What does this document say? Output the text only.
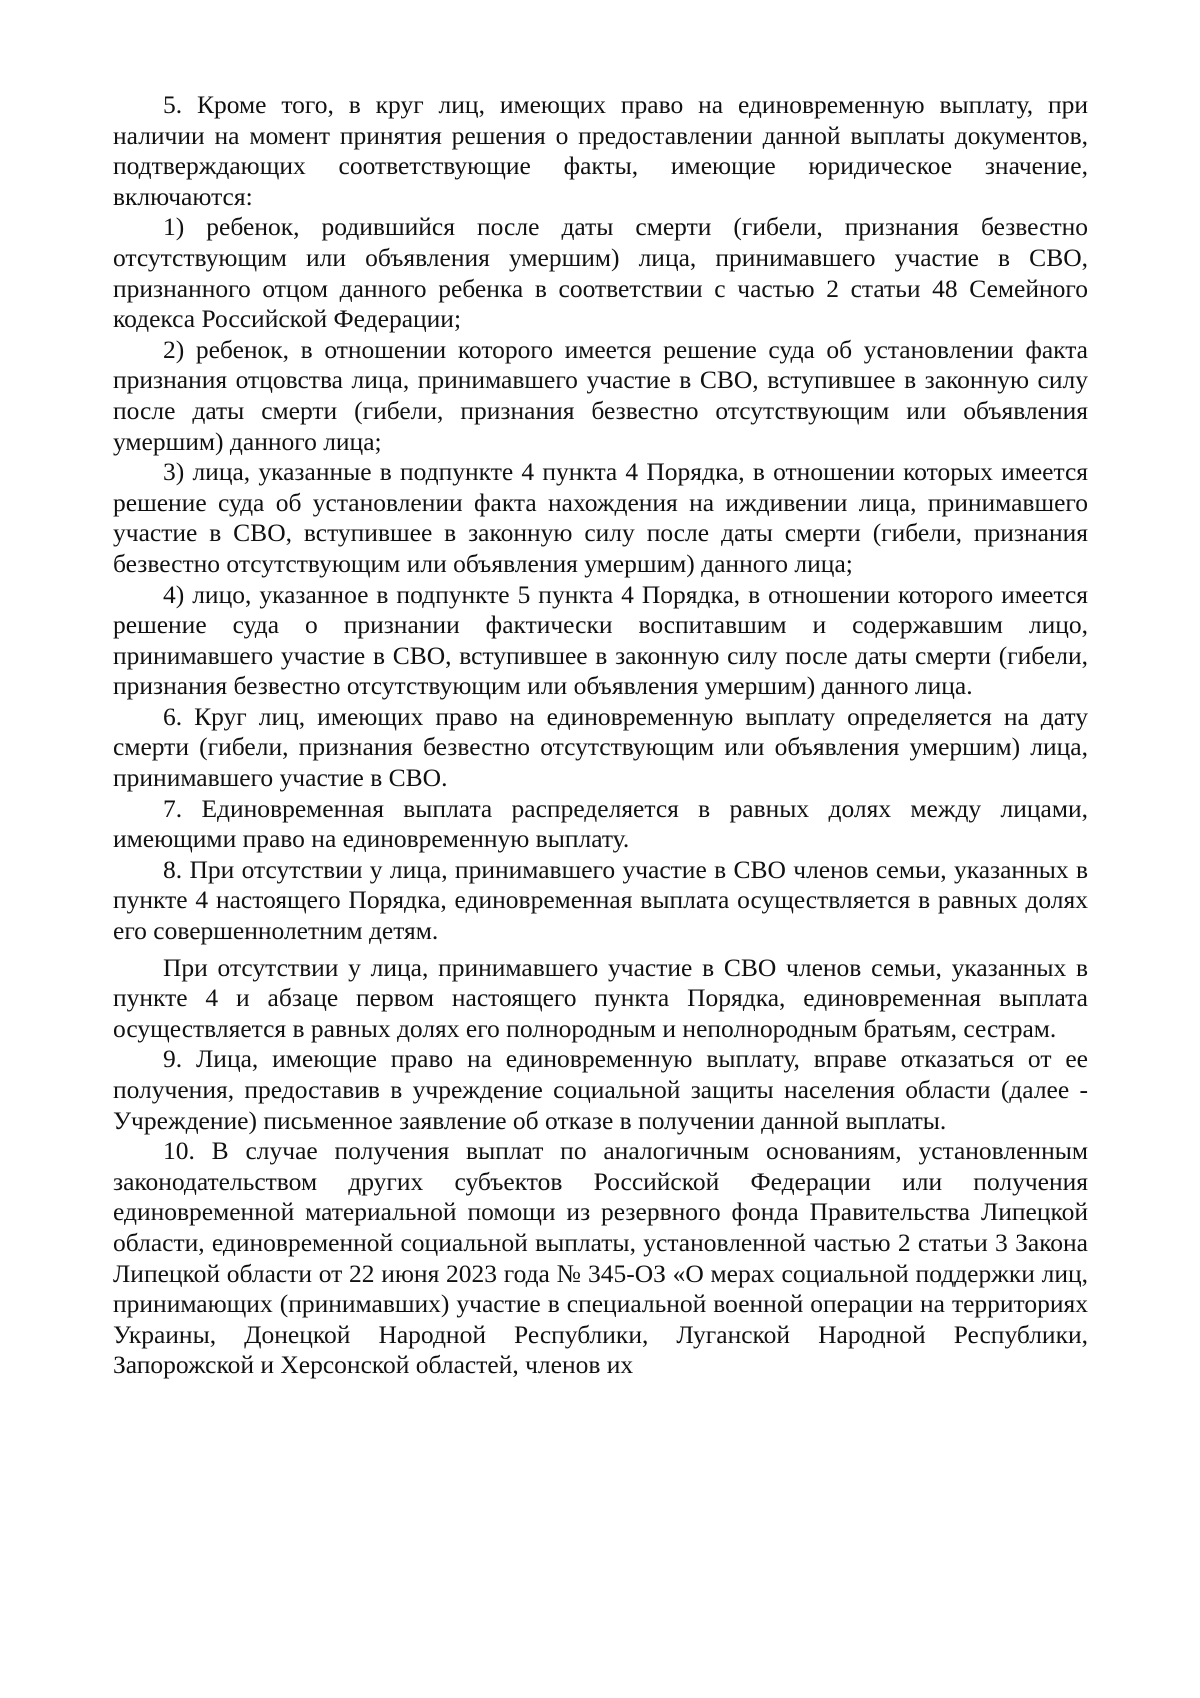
5. Кроме того, в круг лиц, имеющих право на единовременную выплату, при наличии на момент принятия решения о предоставлении данной выплаты документов, подтверждающих соответствующие факты, имеющие юридическое значение, включаются:

1) ребенок, родившийся после даты смерти (гибели, признания безвестно отсутствующим или объявления умершим) лица, принимавшего участие в СВО, признанного отцом данного ребенка в соответствии с частью 2 статьи 48 Семейного кодекса Российской Федерации;

2) ребенок, в отношении которого имеется решение суда об установлении факта признания отцовства лица, принимавшего участие в СВО, вступившее в законную силу после даты смерти (гибели, признания безвестно отсутствующим или объявления умершим) данного лица;

3) лица, указанные в подпункте 4 пункта 4 Порядка, в отношении которых имеется решение суда об установлении факта нахождения на иждивении лица, принимавшего участие в СВО, вступившее в законную силу после даты смерти (гибели, признания безвестно отсутствующим или объявления умершим) данного лица;

4) лицо, указанное в подпункте 5 пункта 4 Порядка, в отношении которого имеется решение суда о признании фактически воспитавшим и содержавшим лицо, принимавшего участие в СВО, вступившее в законную силу после даты смерти (гибели, признания безвестно отсутствующим или объявления умершим) данного лица.

6. Круг лиц, имеющих право на единовременную выплату определяется на дату смерти (гибели, признания безвестно отсутствующим или объявления умершим) лица, принимавшего участие в СВО.

7. Единовременная выплата распределяется в равных долях между лицами, имеющими право на единовременную выплату.

8. При отсутствии у лица, принимавшего участие в СВО членов семьи, указанных в пункте 4 настоящего Порядка, единовременная выплата осуществляется в равных долях его совершеннолетним детям.

При отсутствии у лица, принимавшего участие в СВО членов семьи, указанных в пункте 4 и абзаце первом настоящего пункта Порядка, единовременная выплата осуществляется в равных долях его полнородным и неполнородным братьям, сестрам.

9. Лица, имеющие право на единовременную выплату, вправе отказаться от ее получения, предоставив в учреждение социальной защиты населения области (далее - Учреждение) письменное заявление об отказе в получении данной выплаты.

10. В случае получения выплат по аналогичным основаниям, установленным законодательством других субъектов Российской Федерации или получения единовременной материальной помощи из резервного фонда Правительства Липецкой области, единовременной социальной выплаты, установленной частью 2 статьи 3 Закона Липецкой области от 22 июня 2023 года № 345-ОЗ «О мерах социальной поддержки лиц, принимающих (принимавших) участие в специальной военной операции на территориях Украины, Донецкой Народной Республики, Луганской Народной Республики, Запорожской и Херсонской областей, членов их
